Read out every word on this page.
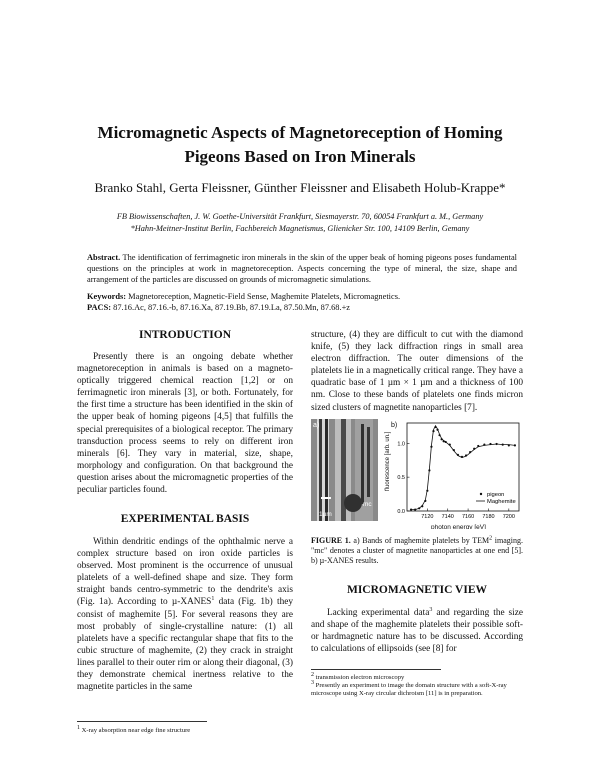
Micromagnetic Aspects of Magnetoreception of Homing Pigeons Based on Iron Minerals
Branko Stahl, Gerta Fleissner, Günther Fleissner and Elisabeth Holub-Krappe*
FB Biowissenschaften, J. W. Goethe-Universität Frankfurt, Siesmayerstr. 70, 60054 Frankfurt a. M., Germany
*Hahn-Meitner-Institut Berlin, Fachbereich Magnetismus, Glienicker Str. 100, 14109 Berlin, Gemany
Abstract. The identification of ferrimagnetic iron minerals in the skin of the upper beak of homing pigeons poses fundamental questions on the principles at work in magnetoreception. Aspects concerning the type of mineral, the size, shape and arrangement of the particles are discussed on grounds of micromagnetic simulations.
Keywords: Magnetoreception, Magnetic-Field Sense, Maghemite Platelets, Micromagnetics.
PACS: 87.16.Ac, 87.16.-b, 87.16.Xa, 87.19.Bb, 87.19.La, 87.50.Mn, 87.68.+z
INTRODUCTION

Presently there is an ongoing debate whether magnetoreception in animals is based on a magneto-optically triggered chemical reaction [1,2] or on ferrimagnetic iron minerals [3], or both. Fortunately, for the first time a structure has been identified in the skin of the upper beak of homing pigeons [4,5] that fulfills the special prerequisites of a biological receptor. The primary transduction process seems to rely on different iron minerals [6]. They vary in material, size, shape, morphology and configuration. On that background the question arises about the micromagnetic properties of the peculiar particles found.

EXPERIMENTAL BASIS

Within dendritic endings of the ophthalmic nerve a complex structure based on iron oxide particles is observed. Most prominent is the occurrence of unusual platelets of a well-defined shape and size. They form straight bands centro-symmetric to the dendrite's axis (Fig. 1a). According to µ-XANES$^1$ data (Fig. 1b) they consist of maghemite [5]. For several reasons they are most probably of single-crystalline nature: (1) all platelets have a specific rectangular shape that fits to the cubic structure of maghemite, (2) they crack in straight lines parallel to their outer rim or along their diagonal, (3) they demonstrate chemical inertness relative to the magnetite particles in the same

$^1$ X-ray absorption near edge fine structure

structure, (4) they are difficult to cut with the diamond knife, (5) they lack diffraction rings in small area electron diffraction. The outer dimensions of the platelets lie in a magnetically critical range. They have a quadratic base of 1 µm × 1 µm and a thickness of 100 nm. Close to these bands of platelets one finds micron sized clusters of magnetite nanoparticles [7].

a)
1µm
mc
b)
fluorescence [arb. un.]
photon energy [eV]
7120 7140 7160 7180 7200
0.0
0.5
1.0
pigeon
Maghemite
FIGURE 1. a) Bands of maghemite platelets by TEM$^2$ imaging. "mc" denotes a cluster of magnetite nanoparticles at one end [5]. b) µ-XANES results.
MICROMAGNETIC VIEW

Lacking experimental data$^3$ and regarding the size and shape of the maghemite platelets their possible soft- or hardmagnetic nature has to be discussed. According to calculations of ellipsoids (see [8] for

$^2$ transmission electron microscopy
$^3$ Presently an experiment to image the domain structure with a soft-X-ray microscope using X-ray circular dichroism [11] is in preparation.
